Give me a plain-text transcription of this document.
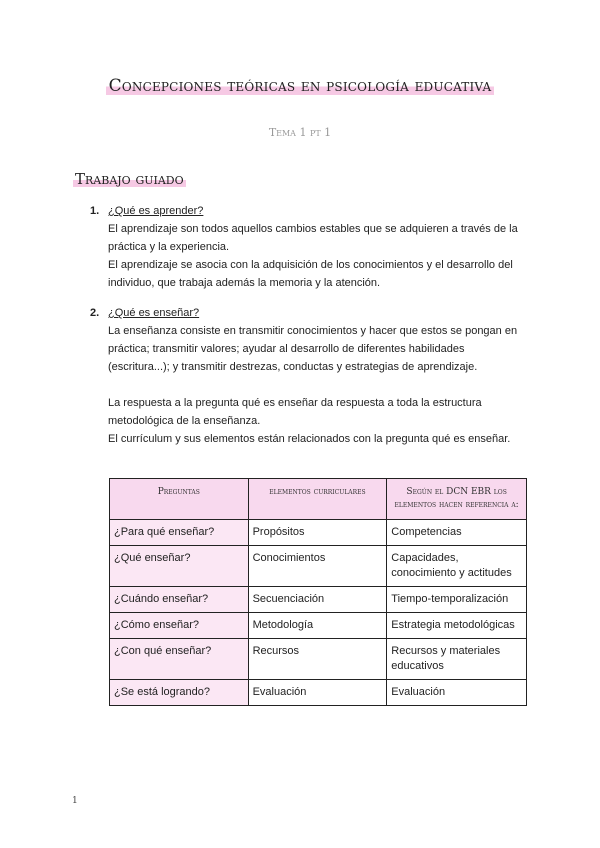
Concepciones teóricas en psicología educativa
Tema 1 pt 1
Trabajo guiado
1. ¿Qué es aprender?
El aprendizaje son todos aquellos cambios estables que se adquieren a través de la
práctica y la experiencia.
El aprendizaje se asocia con la adquisición de los conocimientos y el desarrollo del
individuo, que trabaja además la memoria y la atención.
2. ¿Qué es enseñar?
La enseñanza consiste en transmitir conocimientos y hacer que estos se pongan en
práctica; transmitir valores; ayudar al desarrollo de diferentes habilidades
(escritura...); y transmitir destrezas, conductas y estrategias de aprendizaje.
La respuesta a la pregunta qué es enseñar da respuesta a toda la estructura
metodológica de la enseñanza.
El currículum y sus elementos están relacionados con la pregunta qué es enseñar.
Preguntas	elementos curriculares	Según el DCN EBR los elementos hacen referencia a:
¿Para qué enseñar?	Propósitos	Competencias
¿Qué enseñar?	Conocimientos	Capacidades, conocimiento y actitudes
¿Cuándo enseñar?	Secuenciación	Tiempo-temporalización
¿Cómo enseñar?	Metodología	Estrategia metodológicas
¿Con qué enseñar?	Recursos	Recursos y materiales educativos
¿Se está logrando?	Evaluación	Evaluación
1
